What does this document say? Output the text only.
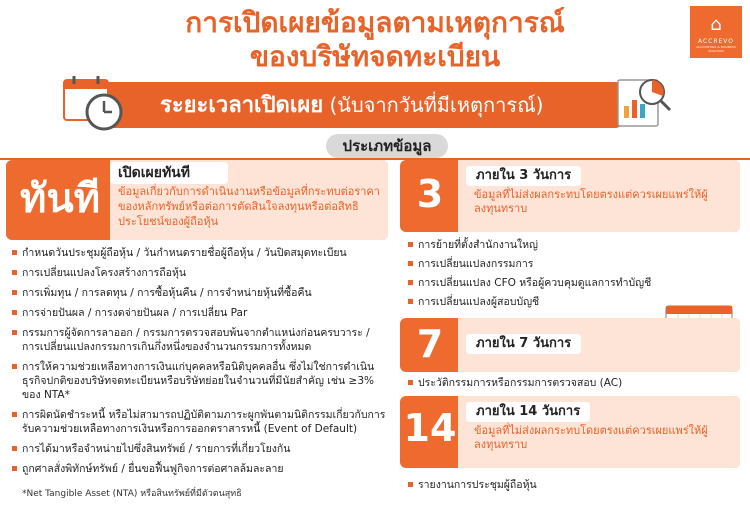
การเปิดเผยข้อมูลตามเหตุการณ์
ของบริษัทจดทะเบียน
⌂
ACCREVO
ACCOUNTING & BUSINESS SOLUTION
ระยะเวลาเปิดเผย (นับจากวันที่มีเหตุการณ์)
ประเภทข้อมูล
ทันที
เปิดเผยทันที
ข้อมูลเกี่ยวกับการดำเนินงานหรือข้อมูลที่กระทบต่อราคาของหลักทรัพย์หรือต่อการตัดสินใจลงทุนหรือต่อสิทธิประโยชน์ของผู้ถือหุ้น
กำหนดวันประชุมผู้ถือหุ้น / วันกำหนดรายชื่อผู้ถือหุ้น / วันปิดสมุดทะเบียน
การเปลี่ยนแปลงโครงสร้างการถือหุ้น
การเพิ่มทุน / การลดทุน / การซื้อหุ้นคืน / การจำหน่ายหุ้นที่ซื้อคืน
การจ่ายปันผล / การงดจ่ายปันผล / การเปลี่ยน Par
กรรมการผู้จัดการลาออก / กรรมการตรวจสอบพ้นจากตำแหน่งก่อนครบวาระ / การเปลี่ยนแปลงกรรมการเกินกึ่งหนึ่งของจำนวนกรรมการทั้งหมด
การให้ความช่วยเหลือทางการเงินแก่บุคคลหรือนิติบุคคลอื่น ซึ่งไม่ใช่การดำเนินธุรกิจปกติของบริษัทจดทะเบียนหรือบริษัทย่อยในจำนวนที่มีนัยสำคัญ เช่น ≥3% ของ NTA*
การผิดนัดชำระหนี้ หรือไม่สามารถปฏิบัติตามภาระผูกพันตามนิติกรรมเกี่ยวกับการรับความช่วยเหลือทางการเงินหรือการออกตราสารหนี้ (Event of Default)
การได้มาหรือจำหน่ายไปซึ่งสินทรัพย์ / รายการที่เกี่ยวโยงกัน
ถูกศาลสั่งพิทักษ์ทรัพย์ / ยื่นขอฟื้นฟูกิจการต่อศาลล้มละลาย
*Net Tangible Asset (NTA) หรือสินทรัพย์ที่มีตัวตนสุทธิ
3	ภายใน 3 วันการ
ข้อมูลที่ไม่ส่งผลกระทบโดยตรงแต่ควรเผยแพร่ให้ผู้ลงทุนทราบ
การย้ายที่ตั้งสำนักงานใหญ่
การเปลี่ยนแปลงกรรมการ
การเปลี่ยนแปลง CFO หรือผู้ควบคุมดูแลการทำบัญชี
การเปลี่ยนแปลงผู้สอบบัญชี
7	ภายใน 7 วันการ
ประวัติกรรมการหรือกรรมการตรวจสอบ (AC)
14	ภายใน 14 วันการ
ข้อมูลที่ไม่ส่งผลกระทบโดยตรงแต่ควรเผยแพร่ให้ผู้ลงทุนทราบ
รายงานการประชุมผู้ถือหุ้น
